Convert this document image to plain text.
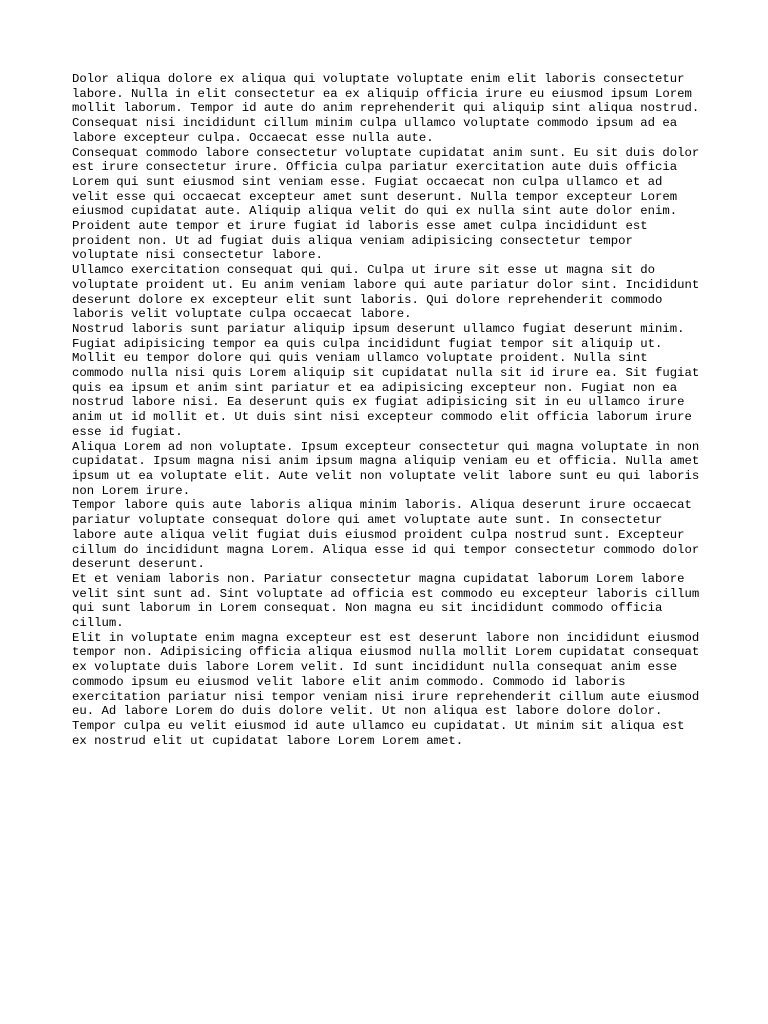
Dolor aliqua dolore ex aliqua qui voluptate voluptate enim elit laboris consectetur labore. Nulla in elit consectetur ea ex aliquip officia irure eu eiusmod ipsum Lorem mollit laborum. Tempor id aute do anim reprehenderit qui aliquip sint aliqua nostrud. Consequat nisi incididunt cillum minim culpa ullamco voluptate commodo ipsum ad ea labore excepteur culpa. Occaecat esse nulla aute.

Consequat commodo labore consectetur voluptate cupidatat anim sunt. Eu sit duis dolor est irure consectetur irure. Officia culpa pariatur exercitation aute duis officia Lorem qui sunt eiusmod sint veniam esse. Fugiat occaecat non culpa ullamco et ad velit esse qui occaecat excepteur amet sunt deserunt. Nulla tempor excepteur Lorem eiusmod cupidatat aute. Aliquip aliqua velit do qui ex nulla sint aute dolor enim. Proident aute tempor et irure fugiat id laboris esse amet culpa incididunt est proident non. Ut ad fugiat duis aliqua veniam adipisicing consectetur tempor voluptate nisi consectetur labore.

Ullamco exercitation consequat qui qui. Culpa ut irure sit esse ut magna sit do voluptate proident ut. Eu anim veniam labore qui aute pariatur dolor sint. Incididunt deserunt dolore ex excepteur elit sunt laboris. Qui dolore reprehenderit commodo laboris velit voluptate culpa occaecat labore.

Nostrud laboris sunt pariatur aliquip ipsum deserunt ullamco fugiat deserunt minim. Fugiat adipisicing tempor ea quis culpa incididunt fugiat tempor sit aliquip ut. Mollit eu tempor dolore qui quis veniam ullamco voluptate proident. Nulla sint commodo nulla nisi quis Lorem aliquip sit cupidatat nulla sit id irure ea. Sit fugiat quis ea ipsum et anim sint pariatur et ea adipisicing excepteur non. Fugiat non ea nostrud labore nisi. Ea deserunt quis ex fugiat adipisicing sit in eu ullamco irure anim ut id mollit et. Ut duis sint nisi excepteur commodo elit officia laborum irure esse id fugiat.

Aliqua Lorem ad non voluptate. Ipsum excepteur consectetur qui magna voluptate in non cupidatat. Ipsum magna nisi anim ipsum magna aliquip veniam eu et officia. Nulla amet ipsum ut ea voluptate elit. Aute velit non voluptate velit labore sunt eu qui laboris non Lorem irure.

Tempor labore quis aute laboris aliqua minim laboris. Aliqua deserunt irure occaecat pariatur voluptate consequat dolore qui amet voluptate aute sunt. In consectetur labore aute aliqua velit fugiat duis eiusmod proident culpa nostrud sunt. Excepteur cillum do incididunt magna Lorem. Aliqua esse id qui tempor consectetur commodo dolor deserunt deserunt.

Et et veniam laboris non. Pariatur consectetur magna cupidatat laborum Lorem labore velit sint sunt ad. Sint voluptate ad officia est commodo eu excepteur laboris cillum qui sunt laborum in Lorem consequat. Non magna eu sit incididunt commodo officia cillum.

Elit in voluptate enim magna excepteur est est deserunt labore non incididunt eiusmod tempor non. Adipisicing officia aliqua eiusmod nulla mollit Lorem cupidatat consequat ex voluptate duis labore Lorem velit. Id sunt incididunt nulla consequat anim esse commodo ipsum eu eiusmod velit labore elit anim commodo. Commodo id laboris exercitation pariatur nisi tempor veniam nisi irure reprehenderit cillum aute eiusmod eu. Ad labore Lorem do duis dolore velit. Ut non aliqua est labore dolore dolor. Tempor culpa eu velit eiusmod id aute ullamco eu cupidatat. Ut minim sit aliqua est ex nostrud elit ut cupidatat labore Lorem Lorem amet.
